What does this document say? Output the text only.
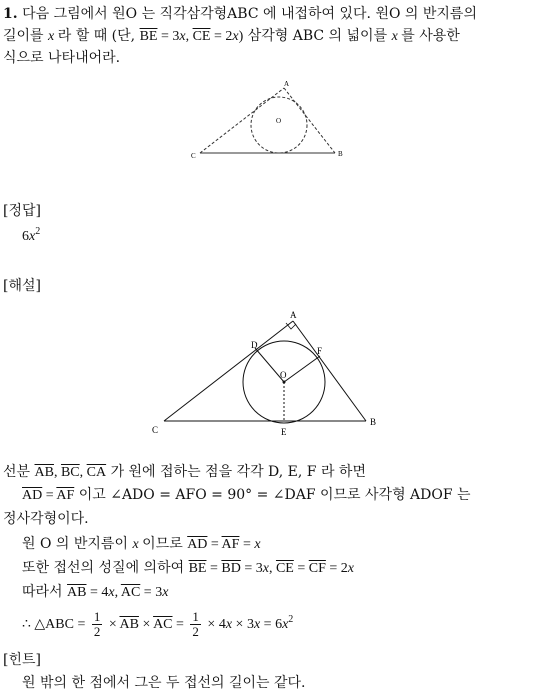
1. 다음 그림에서 원O 는 직각삼각형ABC 에 내접하여 있다. 원O 의 반지름의
길이를 x 라 할 때 (단, $\overline{BE} = 3x$, $\overline{CE} = 2x$) 삼각형 ABC 의 넓이를 x 를 사용한
식으로 나타내어라.
A
B
C
O
[정답]
$6x^2$
[해설]
A
B
C
D
E
F
O
선분 $\overline{AB}$, $\overline{BC}$, $\overline{CA}$ 가 원에 접하는 점을 각각 D, E, F 라 하면
$\overline{AD} = \overline{AF}$ 이고 ∠ADO = AFO = 90° = ∠DAF 이므로 사각형 ADOF 는
정사각형이다.
원 O 의 반지름이 x 이므로 $\overline{AD} = \overline{AF} = x$
또한 접선의 성질에 의하여 $\overline{BE} = \overline{BD} = 3x$, $\overline{CE} = \overline{CF} = 2x$
따라서 $\overline{AB} = 4x$, $\overline{AC} = 3x$
∴ △ABC = $\frac{1}{2} \times \overline{AB} \times \overline{AC} = \frac{1}{2} \times 4x \times 3x = 6x^2$
[힌트]
원 밖의 한 점에서 그은 두 접선의 길이는 같다.
